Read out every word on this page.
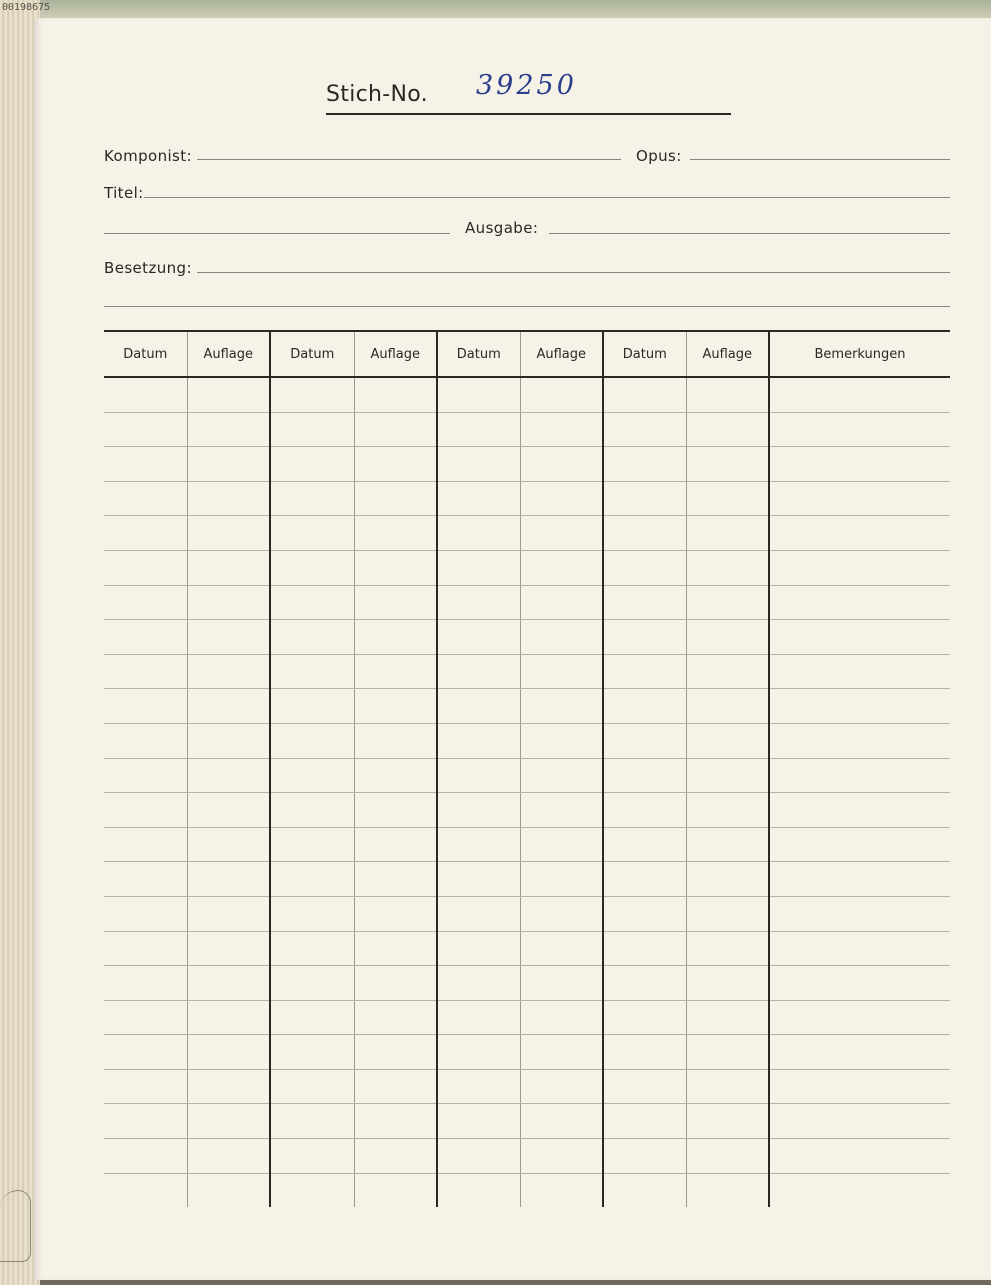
00198675
Stich-No. 39250
Komponist:	Opus:
Titel:
Ausgabe:
Besetzung:
Datum	Auflage	Datum	Auflage	Datum	Auflage	Datum	Auflage	Bemerkungen
